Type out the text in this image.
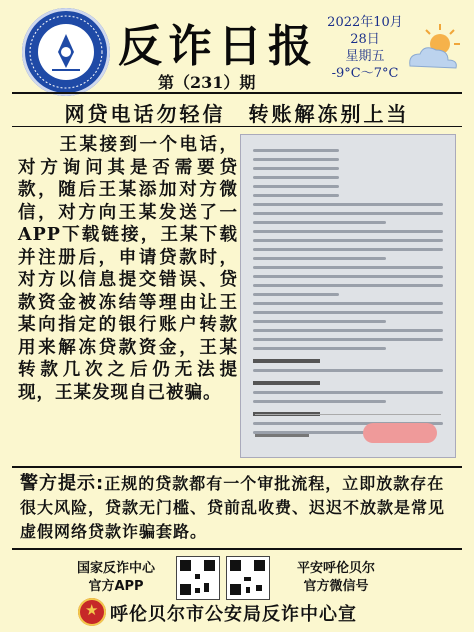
反诈日报
第（231）期
2022年10月
28日
星期五
-9°C～7°C
网贷电话勿轻信　转账解冻别上当
王某接到一个电话，对方询问其是否需要贷款，随后王某添加对方微信，对方向王某发送了一APP下载链接，王某下载并注册后，申请贷款时，对方以信息提交错误、贷款资金被冻结等理由让王某向指定的银行账户转款用来解冻贷款资金，王某转款几次之后仍无法提现，王某发现自己被骗。
警方提示:正规的贷款都有一个审批流程，立即放款存在很大风险，贷款无门槛、贷前乱收费、迟迟不放款是常见虚假网络贷款诈骗套路。
国家反诈中心
官方APP
平安呼伦贝尔
官方微信号
★ 呼伦贝尔市公安局反诈中心宣
